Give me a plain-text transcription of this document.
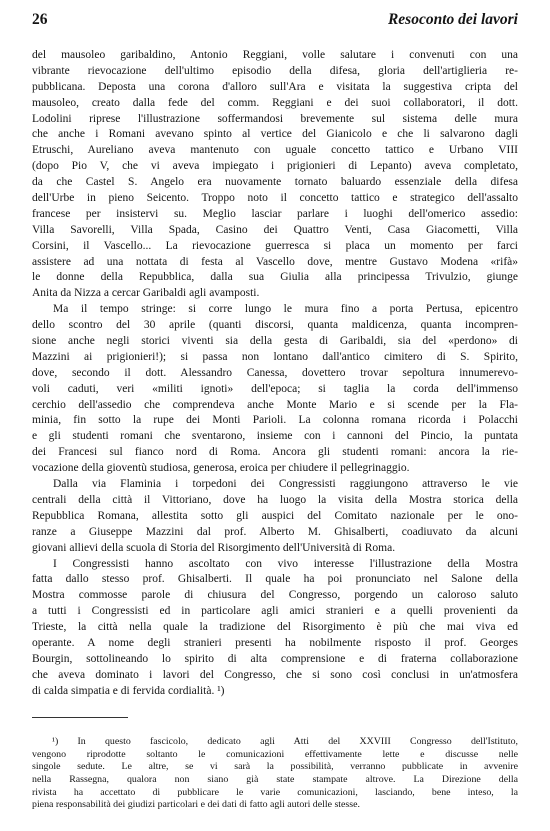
26	Resoconto dei lavori
del mausoleo garibaldino, Antonio Reggiani, volle salutare i convenuti con una
vibrante rievocazione dell'ultimo episodio della difesa, gloria dell'artiglieria re-
pubblicana. Deposta una corona d'alloro sull'Ara e visitata la suggestiva cripta del
mausoleo, creato dalla fede del comm. Reggiani e dei suoi collaboratori, il dott.
Lodolini riprese l'illustrazione soffermandosi brevemente sul sistema delle mura
che anche i Romani avevano spinto al vertice del Gianicolo e che li salvarono dagli
Etruschi, Aureliano aveva mantenuto con uguale concetto tattico e Urbano VIII
(dopo Pio V, che vi aveva impiegato i prigionieri di Lepanto) aveva completato,
da che Castel S. Angelo era nuovamente tornato baluardo essenziale della difesa
dell'Urbe in pieno Seicento. Troppo noto il concetto tattico e strategico dell'assalto
francese per insistervi su. Meglio lasciar parlare i luoghi dell'omerico assedio:
Villa Savorelli, Villa Spada, Casino dei Quattro Venti, Casa Giacometti, Villa
Corsini, il Vascello... La rievocazione guerresca si placa un momento per farci
assistere ad una nottata di festa al Vascello dove, mentre Gustavo Modena «rifà»
le donne della Repubblica, dalla sua Giulia alla principessa Trivulzio, giunge
Anita da Nizza a cercar Garibaldi agli avamposti.
Ma il tempo stringe: si corre lungo le mura fino a porta Pertusa, epicentro
dello scontro del 30 aprile (quanti discorsi, quanta maldicenza, quanta incompren-
sione anche negli storici viventi sia della gesta di Garibaldi, sia del «perdono» di
Mazzini ai prigionieri!); si passa non lontano dall'antico cimitero di S. Spirito,
dove, secondo il dott. Alessandro Canessa, dovettero trovar sepoltura innumerevo-
voli caduti, veri «militi ignoti» dell'epoca; si taglia la corda dell'immenso
cerchio dell'assedio che comprendeva anche Monte Mario e si scende per la Fla-
minia, fin sotto la rupe dei Monti Parioli. La colonna romana ricorda i Polacchi
e gli studenti romani che sventarono, insieme con i cannoni del Pincio, la puntata
dei Francesi sul fianco nord di Roma. Ancora gli studenti romani: ancora la rie-
vocazione della gioventù studiosa, generosa, eroica per chiudere il pellegrinaggio.
Dalla via Flaminia i torpedoni dei Congressisti raggiungono attraverso le vie
centrali della città il Vittoriano, dove ha luogo la visita della Mostra storica della
Repubblica Romana, allestita sotto gli auspici del Comitato nazionale per le ono-
ranze a Giuseppe Mazzini dal prof. Alberto M. Ghisalberti, coadiuvato da alcuni
giovani allievi della scuola di Storia del Risorgimento dell'Università di Roma.
I Congressisti hanno ascoltato con vivo interesse l'illustrazione della Mostra
fatta dallo stesso prof. Ghisalberti. Il quale ha poi pronunciato nel Salone della
Mostra commosse parole di chiusura del Congresso, porgendo un caloroso saluto
a tutti i Congressisti ed in particolare agli amici stranieri e a quelli provenienti da
Trieste, la città nella quale la tradizione del Risorgimento è più che mai viva ed
operante. A nome degli stranieri presenti ha nobilmente risposto il prof. Georges
Bourgin, sottolineando lo spirito di alta comprensione e di fraterna collaborazione
che aveva dominato i lavori del Congresso, che si sono così conclusi in un'atmosfera
di calda simpatia e di fervida cordialità. ¹)
¹) In questo fascicolo, dedicato agli Atti del XXVIII Congresso dell'Istituto,
vengono riprodotte soltanto le comunicazioni effettivamente lette e discusse nelle
singole sedute. Le altre, se vi sarà la possibilità, verranno pubblicate in avvenire
nella Rassegna, qualora non siano già state stampate altrove. La Direzione della
rivista ha accettato di pubblicare le varie comunicazioni, lasciando, bene inteso, la
piena responsabilità dei giudizi particolari e dei dati di fatto agli autori delle stesse.
